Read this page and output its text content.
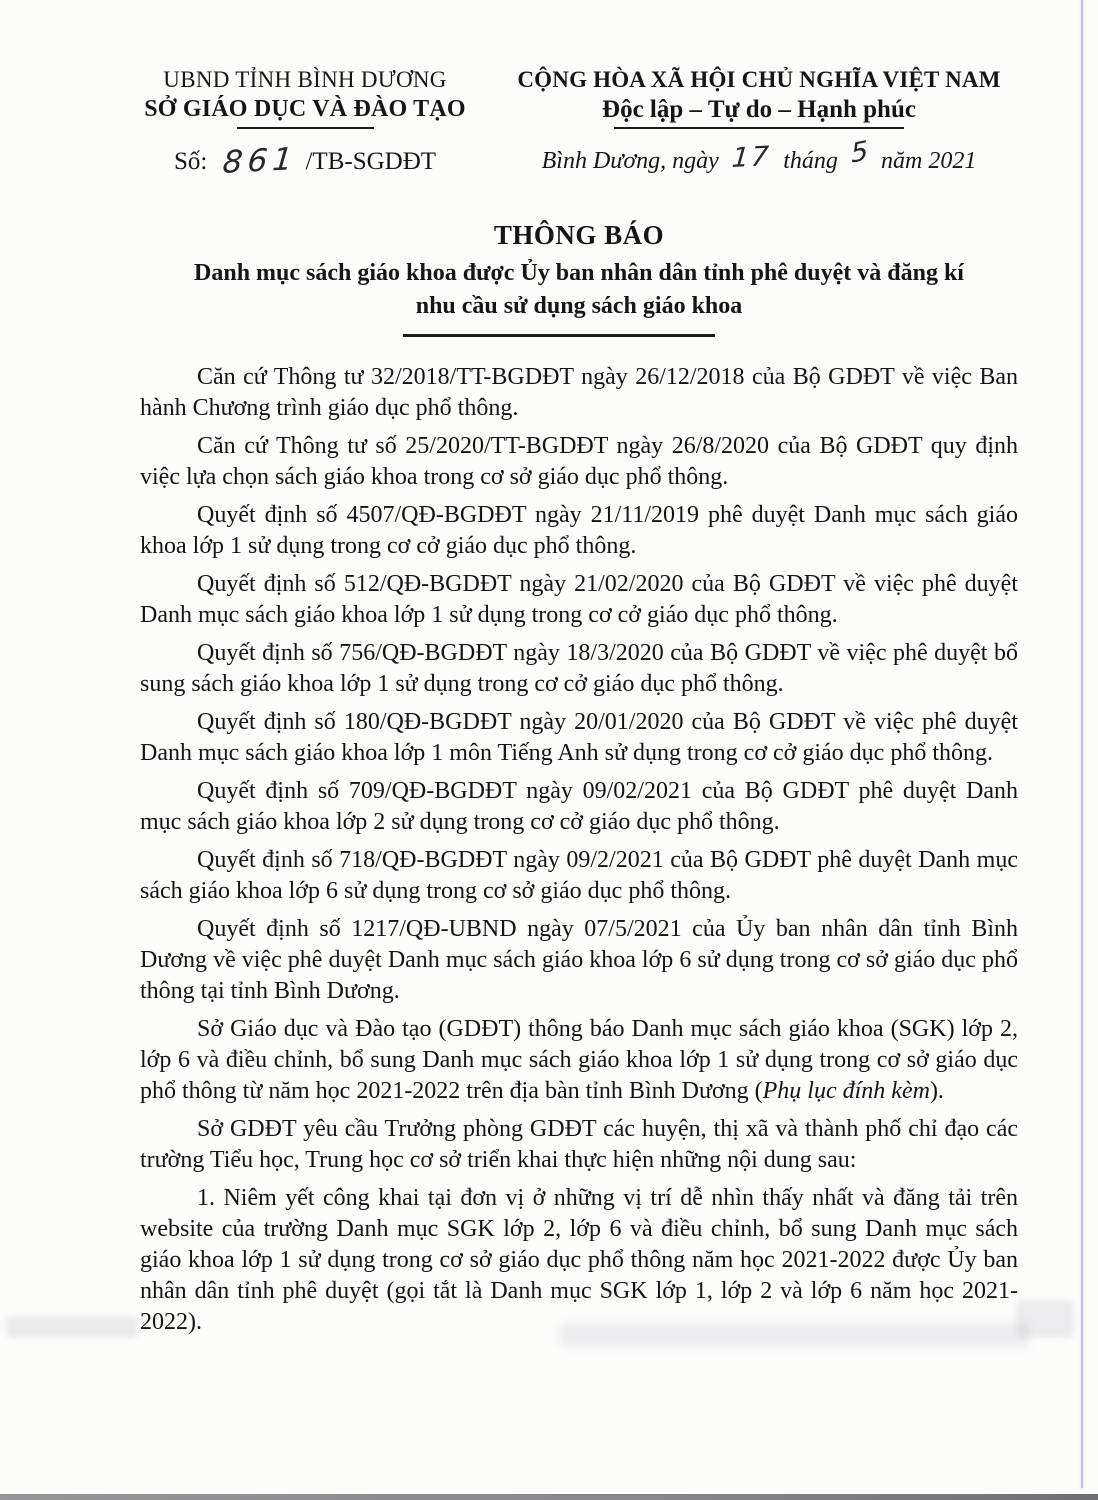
UBND TỈNH BÌNH DƯƠNG
SỞ GIÁO DỤC VÀ ĐÀO TẠO
Số: 861 /TB-SGDĐT
CỘNG HÒA XÃ HỘI CHỦ NGHĨA VIỆT NAM
Độc lập – Tự do – Hạnh phúc
Bình Dương, ngày 17 tháng 5 năm 2021
THÔNG BÁO
Danh mục sách giáo khoa được Ủy ban nhân dân tỉnh phê duyệt và đăng kí
nhu cầu sử dụng sách giáo khoa

Căn cứ Thông tư 32/2018/TT-BGDĐT ngày 26/12/2018 của Bộ GDĐT về việc Ban hành Chương trình giáo dục phổ thông.

Căn cứ Thông tư số 25/2020/TT-BGDĐT ngày 26/8/2020 của Bộ GDĐT quy định việc lựa chọn sách giáo khoa trong cơ sở giáo dục phổ thông.

Quyết định số 4507/QĐ-BGDĐT ngày 21/11/2019 phê duyệt Danh mục sách giáo khoa lớp 1 sử dụng trong cơ cở giáo dục phổ thông.

Quyết định số 512/QĐ-BGDĐT ngày 21/02/2020 của Bộ GDĐT về việc phê duyệt Danh mục sách giáo khoa lớp 1 sử dụng trong cơ cở giáo dục phổ thông.

Quyết định số 756/QĐ-BGDĐT ngày 18/3/2020 của Bộ GDĐT về việc phê duyệt bổ sung sách giáo khoa lớp 1 sử dụng trong cơ cở giáo dục phổ thông.

Quyết định số 180/QĐ-BGDĐT ngày 20/01/2020 của Bộ GDĐT về việc phê duyệt Danh mục sách giáo khoa lớp 1 môn Tiếng Anh sử dụng trong cơ cở giáo dục phổ thông.

Quyết định số 709/QĐ-BGDĐT ngày 09/02/2021 của Bộ GDĐT phê duyệt Danh mục sách giáo khoa lớp 2 sử dụng trong cơ cở giáo dục phổ thông.

Quyết định số 718/QĐ-BGDĐT ngày 09/2/2021 của Bộ GDĐT phê duyệt Danh mục sách giáo khoa lớp 6 sử dụng trong cơ sở giáo dục phổ thông.

Quyết định số 1217/QĐ-UBND ngày 07/5/2021 của Ủy ban nhân dân tỉnh Bình Dương về việc phê duyệt Danh mục sách giáo khoa lớp 6 sử dụng trong cơ sở giáo dục phổ thông tại tỉnh Bình Dương.

Sở Giáo dục và Đào tạo (GDĐT) thông báo Danh mục sách giáo khoa (SGK) lớp 2, lớp 6 và điều chỉnh, bổ sung Danh mục sách giáo khoa lớp 1 sử dụng trong cơ sở giáo dục phổ thông từ năm học 2021-2022 trên địa bàn tỉnh Bình Dương (Phụ lục đính kèm).

Sở GDĐT yêu cầu Trưởng phòng GDĐT các huyện, thị xã và thành phố chỉ đạo các trường Tiểu học, Trung học cơ sở triển khai thực hiện những nội dung sau:

1. Niêm yết công khai tại đơn vị ở những vị trí dễ nhìn thấy nhất và đăng tải trên website của trường Danh mục SGK lớp 2, lớp 6 và điều chỉnh, bổ sung Danh mục sách giáo khoa lớp 1 sử dụng trong cơ sở giáo dục phổ thông năm học 2021-2022 được Ủy ban nhân dân tỉnh phê duyệt (gọi tắt là Danh mục SGK lớp 1, lớp 2 và lớp 6 năm học 2021-2022).
